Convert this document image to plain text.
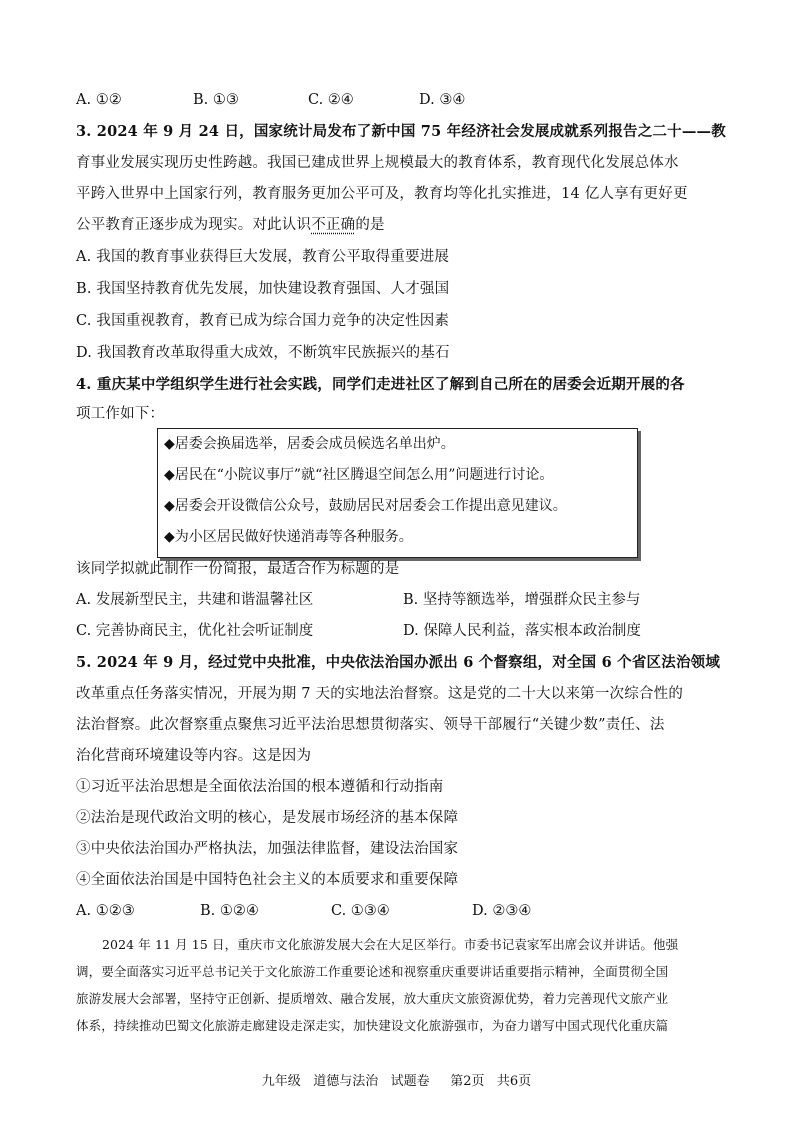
A. ①②	B. ①③	C. ②④	D. ③④
3. 2024 年 9 月 24 日，国家统计局发布了新中国 75 年经济社会发展成就系列报告之二十——教
育事业发展实现历史性跨越。我国已建成世界上规模最大的教育体系，教育现代化发展总体水
平跨入世界中上国家行列，教育服务更加公平可及，教育均等化扎实推进，14 亿人享有更好更
公平教育正逐步成为现实。对此认识不正确的是
A. 我国的教育事业获得巨大发展，教育公平取得重要进展
B. 我国坚持教育优先发展，加快建设教育强国、人才强国
C. 我国重视教育，教育已成为综合国力竞争的决定性因素
D. 我国教育改革取得重大成效，不断筑牢民族振兴的基石
4. 重庆某中学组织学生进行社会实践，同学们走进社区了解到自己所在的居委会近期开展的各
项工作如下：
◆居委会换届选举，居委会成员候选名单出炉。
◆居民在“小院议事厅”就“社区腾退空间怎么用”问题进行讨论。
◆居委会开设微信公众号，鼓励居民对居委会工作提出意见建议。
◆为小区居民做好快递消毒等各种服务。
该同学拟就此制作一份简报，最适合作为标题的是
A. 发展新型民主，共建和谐温馨社区	B. 坚持等额选举，增强群众民主参与
C. 完善协商民主，优化社会听证制度	D. 保障人民利益，落实根本政治制度
5. 2024 年 9 月，经过党中央批准，中央依法治国办派出 6 个督察组，对全国 6 个省区法治领域
改革重点任务落实情况，开展为期 7 天的实地法治督察。这是党的二十大以来第一次综合性的
法治督察。此次督察重点聚焦习近平法治思想贯彻落实、领导干部履行“关键少数”责任、法
治化营商环境建设等内容。这是因为
①习近平法治思想是全面依法治国的根本遵循和行动指南
②法治是现代政治文明的核心，是发展市场经济的基本保障
③中央依法治国办严格执法，加强法律监督，建设法治国家
④全面依法治国是中国特色社会主义的本质要求和重要保障
A. ①②③	B. ①②④	C. ①③④	D. ②③④
2024 年 11 月 15 日，重庆市文化旅游发展大会在大足区举行。市委书记袁家军出席会议并讲话。他强
调，要全面落实习近平总书记关于文化旅游工作重要论述和视察重庆重要讲话重要指示精神，全面贯彻全国
旅游发展大会部署，坚持守正创新、提质增效、融合发展，放大重庆文旅资源优势，着力完善现代文旅产业
体系，持续推动巴蜀文化旅游走廊建设走深走实，加快建设文化旅游强市，为奋力谱写中国式现代化重庆篇
九年级   道德与法治   试题卷     第2页   共6页
